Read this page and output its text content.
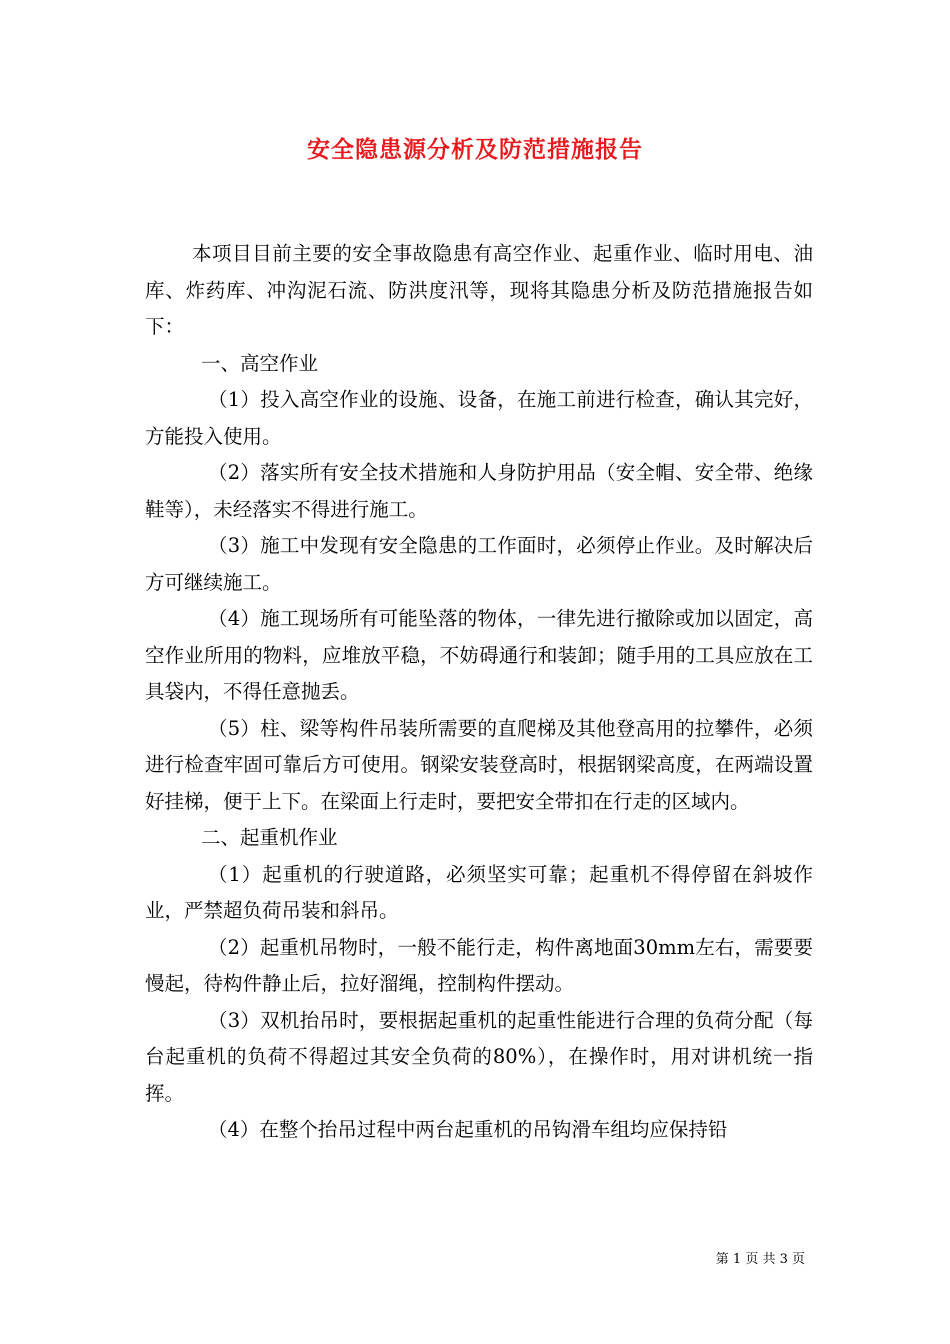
安全隐患源分析及防范措施报告

本项目目前主要的安全事故隐患有高空作业、起重作业、临时用电、油库、炸药库、冲沟泥石流、防洪度汛等，现将其隐患分析及防范措施报告如下：

一、高空作业

（1）投入高空作业的设施、设备，在施工前进行检查，确认其完好，方能投入使用。

（2）落实所有安全技术措施和人身防护用品（安全帽、安全带、绝缘鞋等），未经落实不得进行施工。

（3）施工中发现有安全隐患的工作面时，必须停止作业。及时解决后方可继续施工。

（4）施工现场所有可能坠落的物体，一律先进行撤除或加以固定，高空作业所用的物料，应堆放平稳，不妨碍通行和装卸；随手用的工具应放在工具袋内，不得任意抛丢。

（5）柱、梁等构件吊装所需要的直爬梯及其他登高用的拉攀件，必须进行检查牢固可靠后方可使用。钢梁安装登高时，根据钢梁高度，在两端设置好挂梯，便于上下。在梁面上行走时，要把安全带扣在行走的区域内。

二、起重机作业

（1）起重机的行驶道路，必须坚实可靠；起重机不得停留在斜坡作业，严禁超负荷吊装和斜吊。

（2）起重机吊物时，一般不能行走，构件离地面30mm左右，需要要慢起，待构件静止后，拉好溜绳，控制构件摆动。

（3）双机抬吊时，要根据起重机的起重性能进行合理的负荷分配（每台起重机的负荷不得超过其安全负荷的80%），在操作时，用对讲机统一指挥。

（4）在整个抬吊过程中两台起重机的吊钩滑车组均应保持铅

第 1 页 共 3 页
